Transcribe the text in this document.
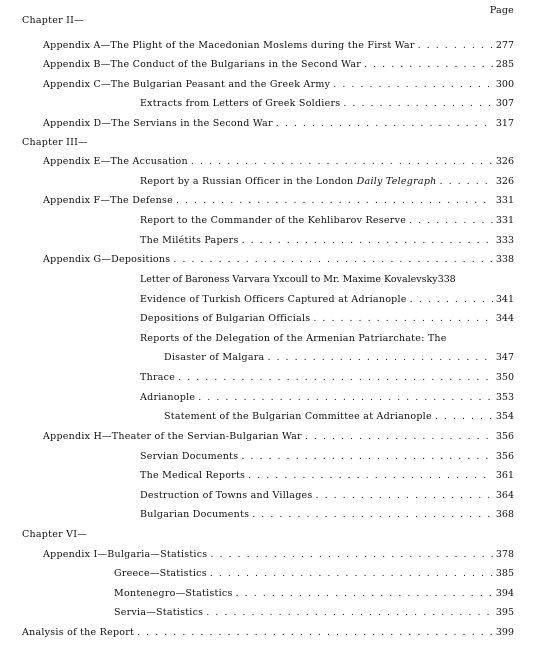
Page
Chapter II—
Appendix A—The Plight of the Macedonian Moslems during the First War . . .	277
Appendix B—The Conduct of the Bulgarians in the Second War . . .	285
Appendix C—The Bulgarian Peasant and the Greek Army . . .	300
Extracts from Letters of Greek Soldiers . . .	307
Appendix D—The Servians in the Second War . . .	317
Chapter III—
Appendix E—The Accusation . . .	326
Report by a Russian Officer in the London Daily Telegraph . . .	326
Appendix F—The Defense . . .	331
Report to the Commander of the Kehlibarov Reserve . . .	331
The Milétits Papers . . .	333
Appendix G—Depositions . . .	338
Letter of Baroness Varvara Yxcoull to Mr. Maxime Kovalevsky 338
Evidence of Turkish Officers Captured at Adrianople . . .	341
Depositions of Bulgarian Officials . . .	344
Reports of the Delegation of the Armenian Patriarchate: The
Disaster of Malgara . . .	347
Thrace . . .	350
Adrianople . . .	353
Statement of the Bulgarian Committee at Adrianople . . .	354
Appendix H—Theater of the Servian-Bulgarian War . . .	356
Servian Documents . . .	356
The Medical Reports . . .	361
Destruction of Towns and Villages . . .	364
Bulgarian Documents . . .	368
Chapter VI—
Appendix I—Bulgaria—Statistics . . .	378
Greece—Statistics . . .	385
Montenegro—Statistics . . .	394
Servia—Statistics . . .	395
Analysis of the Report . . .	399
